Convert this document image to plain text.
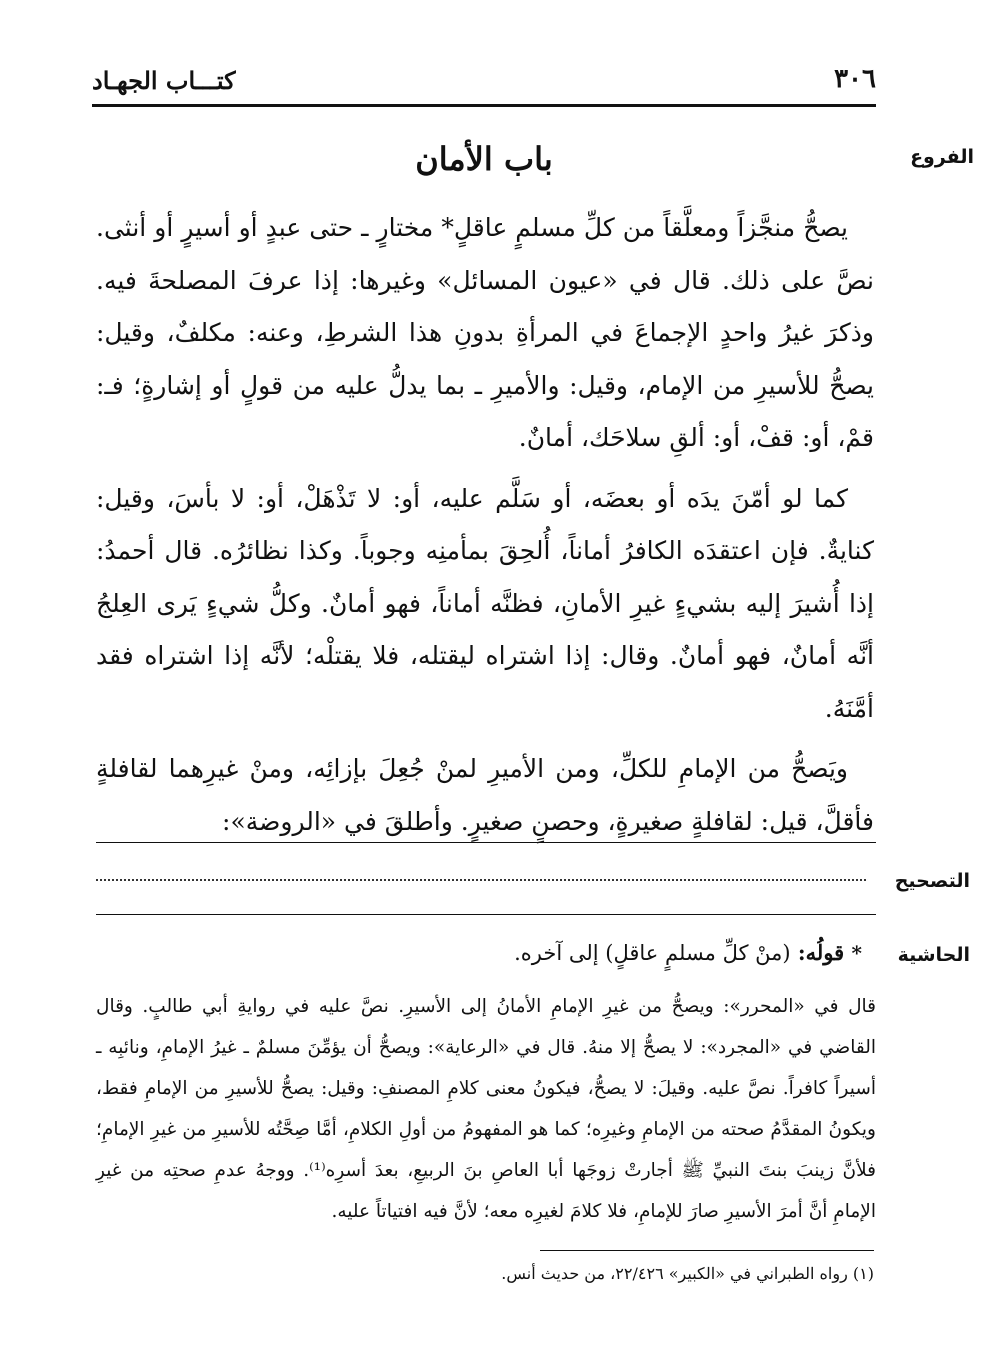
٣٠٦
كتـــاب الجهـاد
الفروع
باب الأمان

يصحُّ منجَّزاً ومعلَّقاً من كلِّ مسلمٍ عاقلٍ* مختارٍ ـ حتى عبدٍ أو أسيرٍ أو أنثى. نصَّ على ذلك. قال في «عيون المسائل» وغيرها: إذا عرفَ المصلحةَ فيه. وذكرَ غيرُ واحدٍ الإجماعَ في المرأةِ بدونِ هذا الشرطِ، وعنه: مكلفٌ، وقيل: يصحُّ للأسيرِ من الإمام، وقيل: والأميرِ ـ بما يدلُّ عليه من قولٍ أو إشارةٍ؛ فـ: قمْ، أو: قفْ، أو: ألقِ سلاحَك، أمانٌ.

كما لو أمّنَ يدَه أو بعضَه، أو سَلَّم عليه، أو: لا تَذْهَلْ، أو: لا بأسَ، وقيل: كنايةٌ. فإن اعتقدَه الكافرُ أماناً، أُلحِقَ بمأمنِه وجوباً. وكذا نظائرُه. قال أحمدُ: إذا أُشيرَ إليه بشيءٍ غيرِ الأمانِ، فظنَّه أماناً، فهو أمانٌ. وكلُّ شيءٍ يَرى العِلجُ أنَّه أمانٌ، فهو أمانٌ. وقال: إذا اشتراه ليقتله، فلا يقتلْه؛ لأنَّه إذا اشتراه فقد أمَّنَهُ.

ويَصحُّ من الإمامِ للكلِّ، ومن الأميرِ لمنْ جُعِلَ بإزائِه، ومنْ غيرِهما لقافلةٍ فأقلَّ، قيل: لقافلةٍ صغيرةٍ، وحصنٍ صغيرٍ. وأطلقَ في «الروضة»:

التصحيح
الحاشية
* قولُه: (منْ كلِّ مسلمٍ عاقلٍ) إلى آخره.

قال في «المحرر»: ويصحُّ من غيرِ الإمامِ الأمانُ إلى الأسيرِ. نصَّ عليه في روايةِ أبي طالبٍ. وقال القاضي في «المجرد»: لا يصحُّ إلا منهُ. قال في «الرعاية»: ويصحُّ أن يؤمِّنَ مسلمٌ ـ غيرُ الإمامِ، ونائبِه ـ أسيراً كافراً. نصَّ عليه. وقيلَ: لا يصحُّ، فيكونُ معنى كلامِ المصنفِ: وقيل: يصحُّ للأسيرِ من الإمامِ فقط، ويكونُ المقدَّمُ صحته من الإمامِ وغيرِه؛ كما هو المفهومُ من أولِ الكلامِ، أمَّا صِحَّتُه للأسيرِ من غيرِ الإمامِ؛ فلأنَّ زينبَ بنتَ النبيِّ ﷺ أجارتْ زوجَها أبا العاصِ بنَ الربيعِ، بعدَ أسرِه⁽¹⁾. ووجهُ عدمِ صحتِه من غيرِ الإمامِ أنَّ أمرَ الأسيرِ صارَ للإمامِ، فلا كلامَ لغيرِه معه؛ لأنَّ فيه افتياتاً عليه.

(١) رواه الطبراني في «الكبير» ٢٢/٤٢٦، من حديث أنس.
